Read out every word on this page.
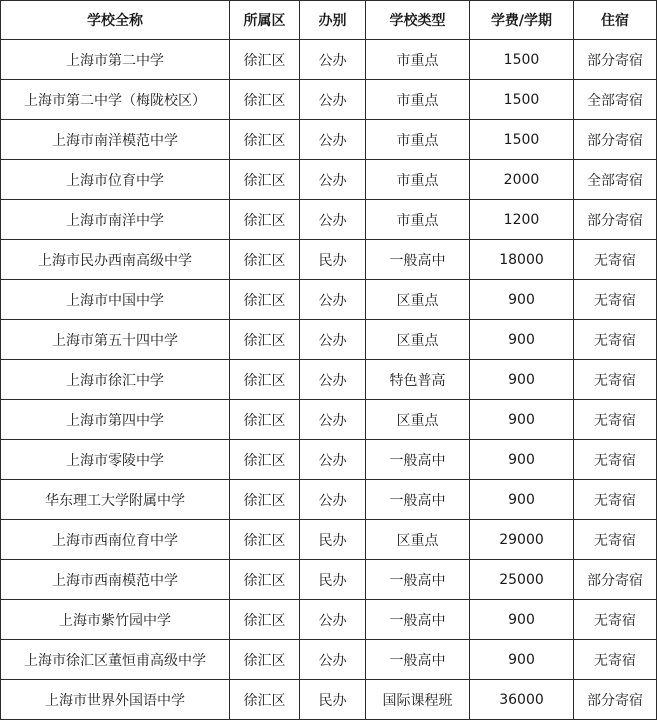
学校全称	所属区	办别	学校类型	学费/学期	住宿
上海市第二中学	徐汇区	公办	市重点	1500	部分寄宿
上海市第二中学（梅陇校区）	徐汇区	公办	市重点	1500	全部寄宿
上海市南洋模范中学	徐汇区	公办	市重点	1500	部分寄宿
上海市位育中学	徐汇区	公办	市重点	2000	全部寄宿
上海市南洋中学	徐汇区	公办	市重点	1200	部分寄宿
上海市民办西南高级中学	徐汇区	民办	一般高中	18000	无寄宿
上海市中国中学	徐汇区	公办	区重点	900	无寄宿
上海市第五十四中学	徐汇区	公办	区重点	900	无寄宿
上海市徐汇中学	徐汇区	公办	特色普高	900	无寄宿
上海市第四中学	徐汇区	公办	区重点	900	无寄宿
上海市零陵中学	徐汇区	公办	一般高中	900	无寄宿
华东理工大学附属中学	徐汇区	公办	一般高中	900	无寄宿
上海市西南位育中学	徐汇区	民办	区重点	29000	无寄宿
上海市西南模范中学	徐汇区	民办	一般高中	25000	部分寄宿
上海市紫竹园中学	徐汇区	公办	一般高中	900	无寄宿
上海市徐汇区董恒甫高级中学	徐汇区	公办	一般高中	900	无寄宿
上海市世界外国语中学	徐汇区	民办	国际课程班	36000	部分寄宿
